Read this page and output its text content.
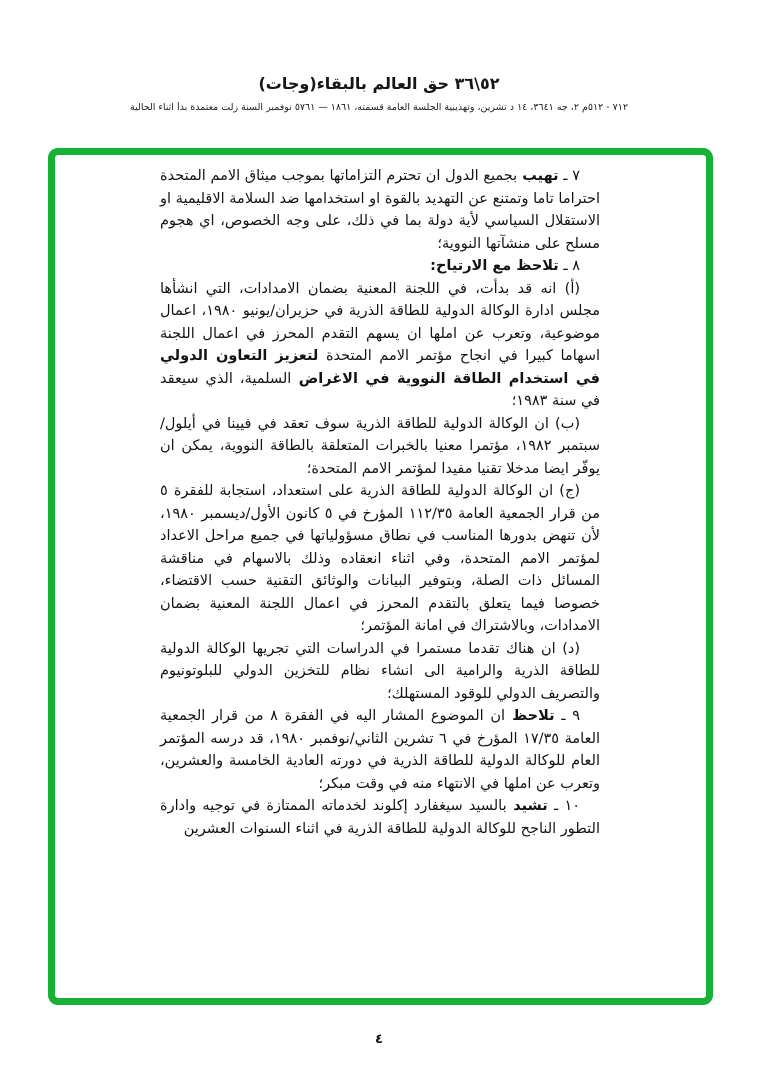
٥٢\٣٦ حق العالم بالبقاء(وجات)
٧١٢ - ٥١٢م ٢، جه ٣٦٤١، ١٤ د تشرين، وتهذيبية الجلسة العامة قسمته، ١٨٦١ — ٥٧٦١ نوفمبر السنة زلت معتمدة بدأ اثناء الحالية

٧ ـ تهيب بجميع الدول ان تحترم التزاماتها بموجب ميثاق الامم المتحدة احتراما تاما وتمتنع عن التهديد بالقوة او استخدامها ضد السلامة الاقليمية او الاستقلال السياسي لأية دولة بما في ذلك، على وجه الخصوص، اي هجوم مسلح على منشآتها النووية؛

٨ ـ تلاحظ مع الارتياح:

(أ) انه قد بدأت، في اللجنة المعنية بضمان الامدادات، التي انشأها مجلس ادارة الوكالة الدولية للطاقة الذرية في حزيران/يونيو ١٩٨٠، اعمال موضوعية، وتعرب عن املها ان يسهم التقدم المحرز في اعمال اللجنة اسهاما كبيرا في انجاح مؤتمر الامم المتحدة لتعزيز التعاون الدولي في استخدام الطاقة النووية في الاغراض السلمية، الذي سيعقد في سنة ١٩٨٣؛

(ب) ان الوكالة الدولية للطاقة الذرية سوف تعقد في فيينا في أيلول/سبتمبر ١٩٨٢، مؤتمرا معنيا بالخبرات المتعلقة بالطاقة النووية، يمكن ان يوفّر ايضا مدخلا تقنيا مفيدا لمؤتمر الامم المتحدة؛

(ج) ان الوكالة الدولية للطاقة الذرية على استعداد، استجابة للفقرة ٥ من قرار الجمعية العامة ١١٢/٣٥ المؤرخ في ٥ كانون الأول/ديسمبر ١٩٨٠، لأن تنهض بدورها المناسب في نطاق مسؤولياتها في جميع مراحل الاعداد لمؤتمر الامم المتحدة، وفي اثناء انعقاده وذلك بالاسهام في مناقشة المسائل ذات الصلة، وبتوفير البيانات والوثائق التقنية حسب الاقتضاء، خصوصا فيما يتعلق بالتقدم المحرز في اعمال اللجنة المعنية بضمان الامدادات، وبالاشتراك في امانة المؤتمر؛

(د) ان هناك تقدما مستمرا في الدراسات التي تجريها الوكالة الدولية للطاقة الذرية والرامية الى انشاء نظام للتخزين الدولي للبلوتونيوم والتصريف الدولي للوقود المستهلك؛

٩ ـ تلاحظ ان الموضوع المشار اليه في الفقرة ٨ من قرار الجمعية العامة ١٧/٣٥ المؤرخ في ٦ تشرين الثاني/نوفمبر ١٩٨٠، قد درسه المؤتمر العام للوكالة الدولية للطاقة الذرية في دورته العادية الخامسة والعشرين، وتعرب عن املها في الانتهاء منه في وقت مبكر؛

١٠ ـ تشيد بالسيد سيغفارد إكلوند لخدماته الممتازة في توجيه وادارة التطور الناجح للوكالة الدولية للطاقة الذرية في اثناء السنوات العشرين

٤
